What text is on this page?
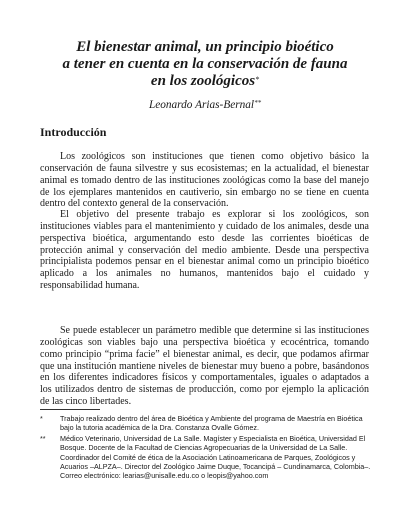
El bienestar animal, un principio bioético
a tener en cuenta en la conservación de fauna
en los zoológicos*
Leonardo Arias-Bernal**
Introducción

Los zoológicos son instituciones que tienen como objetivo básico la conservación de fauna silvestre y sus ecosistemas; en la actualidad, el bienestar animal es tomado dentro de las instituciones zoológicas como la base del manejo de los ejemplares mantenidos en cautiverio, sin embargo no se tiene en cuenta dentro del contexto general de la conservación.

El objetivo del presente trabajo es explorar si los zoológicos, son instituciones viables para el mantenimiento y cuidado de los animales, desde una perspectiva bioética, argumentando esto desde las corrientes bioéticas de protección animal y conservación del medio ambiente. Desde una perspectiva principialista podemos pensar en el bienestar animal como un principio bioético aplicado a los animales no humanos, mantenidos bajo el cuidado y responsabilidad humana.

Se puede establecer un parámetro medible que determine si las instituciones zoológicas son viables bajo una perspectiva bioética y ecocéntrica, tomando como principio “prima facie” el bienestar animal, es decir, que podamos afirmar que una institución mantiene niveles de bienestar muy bueno a pobre, basándonos en los diferentes indicadores físicos y comportamentales, iguales o adaptados a los utilizados dentro de sistemas de producción, como por ejemplo la aplicación de las cinco libertades.

*	Trabajo realizado dentro del área de Bioética y Ambiente del programa de Maestría en Bioética bajo la tutoria académica de la Dra. Constanza Ovalle Gómez.
**	Médico Veterinario, Universidad de La Salle. Magíster y Especialista en Bioética, Universidad El Bosque. Docente de la Facultad de Ciencias Agropecuarias de la Universidad de La Salle. Coordinador del Comité de ética de la Asociación Latinoamericana de Parques, Zoológicos y Acuarios –ALPZA–. Director del Zoológico Jaime Duque, Tocancipá – Cundinamarca, Colombia–. Correo electrónico: learias@unisalle.edu.co o leopis@yahoo.com
